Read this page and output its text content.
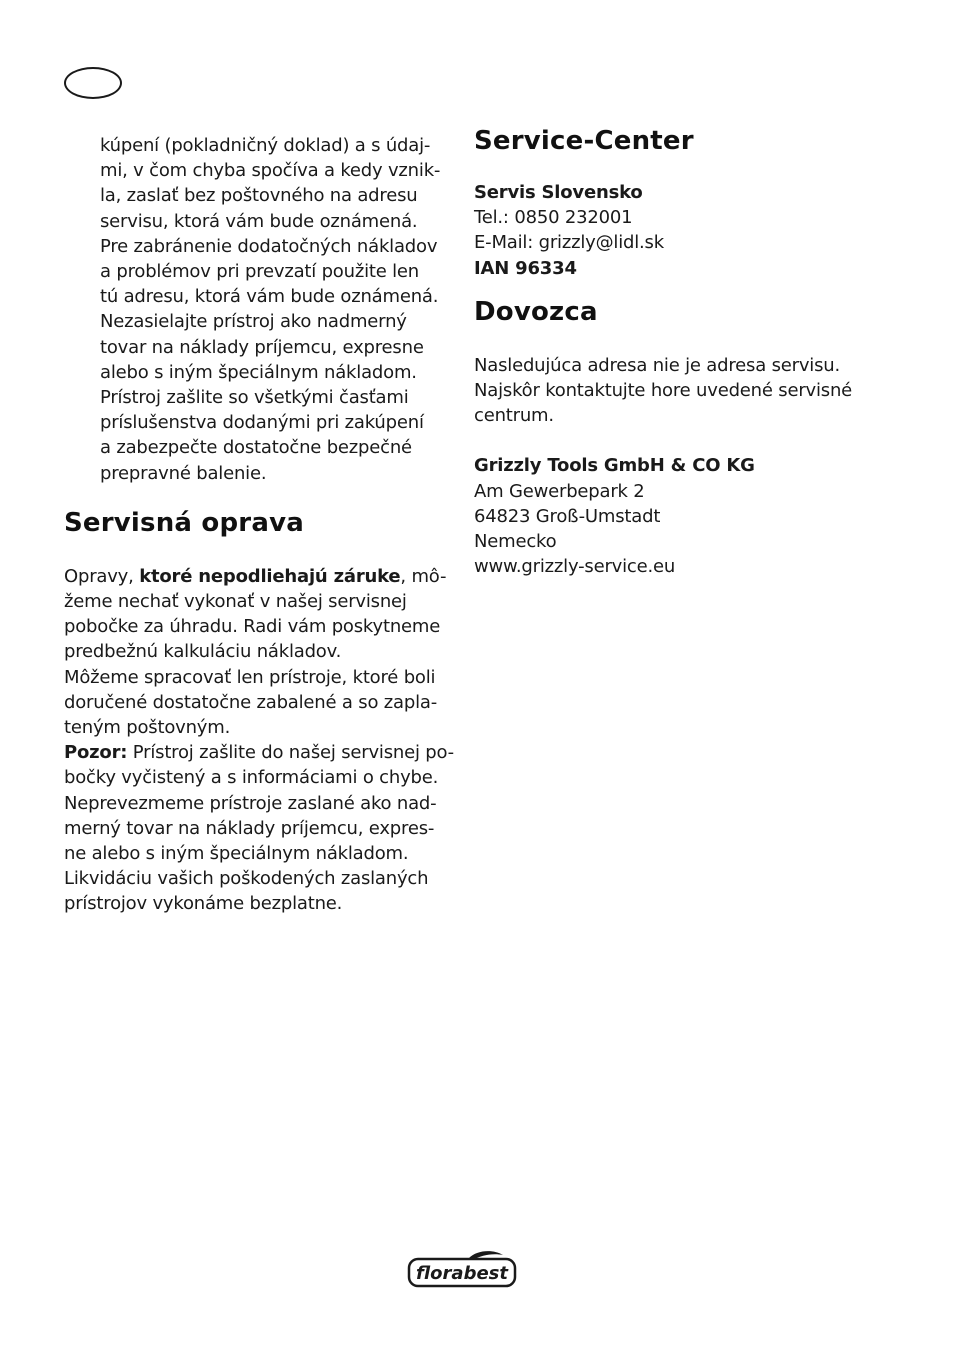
kúpení (pokladničný doklad) a s údaj-
mi, v čom chyba spočíva a kedy vznik-
la, zaslať bez poštovného na adresu
servisu, ktorá vám bude oznámená.
Pre zabránenie dodatočných nákladov
a problémov pri prevzatí použite len
tú adresu, ktorá vám bude oznámená.
Nezasielajte prístroj ako nadmerný
tovar na náklady príjemcu, expresne
alebo s iným špeciálnym nákladom.
Prístroj zašlite so všetkými časťami
príslušenstva dodanými pri zakúpení
a zabezpečte dostatočne bezpečné
prepravné balenie.
Servisná oprava
Opravy, ktoré nepodliehajú záruke, mô-
žeme nechať vykonať v našej servisnej
pobočke za úhradu. Radi vám poskytneme
predbežnú kalkuláciu nákladov.
Môžeme spracovať len prístroje, ktoré boli
doručené dostatočne zabalené a so zapla-
teným poštovným.
Pozor: Prístroj zašlite do našej servisnej po-
bočky vyčistený a s informáciami o chybe.
Neprevezmeme prístroje zaslané ako nad-
merný tovar na náklady príjemcu, expres-
ne alebo s iným špeciálnym nákladom.
Likvidáciu vašich poškodených zaslaných
prístrojov vykonáme bezplatne.
Service-Center
Servis Slovensko
Tel.: 0850 232001
E-Mail: grizzly@lidl.sk
IAN 96334
Dovozca
Nasledujúca adresa nie je adresa servisu.
Najskôr kontaktujte hore uvedené servisné
centrum.
Grizzly Tools GmbH & CO KG
Am Gewerbepark 2
64823 Groß-Umstadt
Nemecko
www.grizzly-service.eu
florabest
